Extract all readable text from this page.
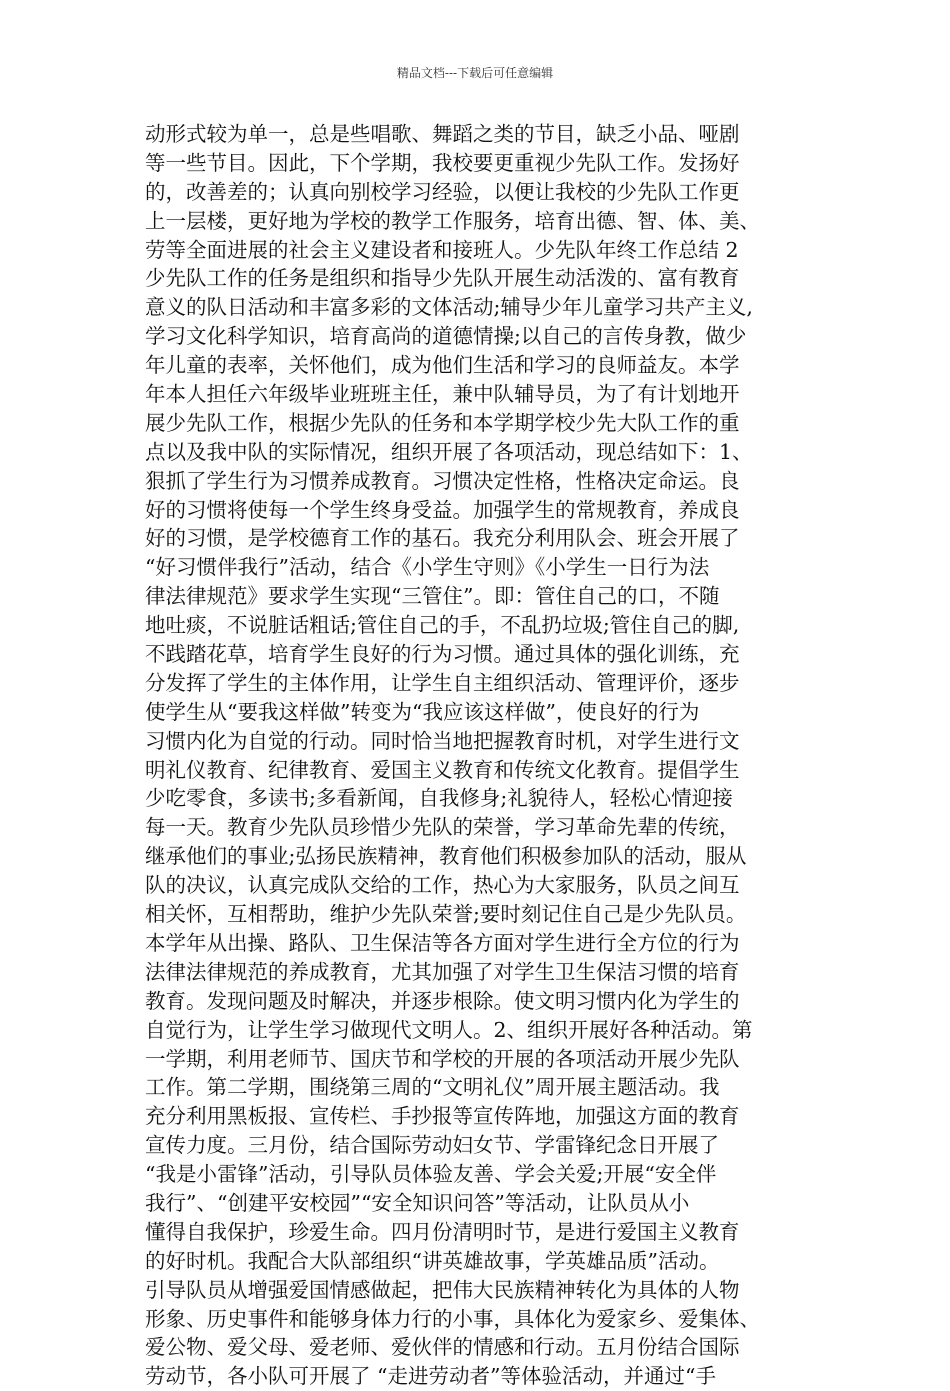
精品文档---下载后可任意编辑
动形式较为单一，总是些唱歌、舞蹈之类的节目，缺乏小品、哑剧
等一些节目。因此，下个学期，我校要更重视少先队工作。发扬好
的，改善差的；认真向别校学习经验，以便让我校的少先队工作更
上一层楼，更好地为学校的教学工作服务，培育出德、智、体、美、
劳等全面进展的社会主义建设者和接班人。少先队年终工作总结 2
少先队工作的任务是组织和指导少先队开展生动活泼的、富有教育
意义的队日活动和丰富多彩的文体活动;辅导少年儿童学习共产主义,
学习文化科学知识，培育高尚的道德情操;以自己的言传身教，做少
年儿童的表率，关怀他们，成为他们生活和学习的良师益友。本学
年本人担任六年级毕业班班主任，兼中队辅导员，为了有计划地开
展少先队工作，根据少先队的任务和本学期学校少先大队工作的重
点以及我中队的实际情况，组织开展了各项活动，现总结如下：1、
狠抓了学生行为习惯养成教育。习惯决定性格，性格决定命运。良
好的习惯将使每一个学生终身受益。加强学生的常规教育，养成良
好的习惯，是学校德育工作的基石。我充分利用队会、班会开展了
“好习惯伴我行”活动，结合《小学生守则》《小学生一日行为法
律法律规范》要求学生实现“三管住”。即：管住自己的口，不随
地吐痰，不说脏话粗话;管住自己的手，不乱扔垃圾;管住自己的脚,
不践踏花草，培育学生良好的行为习惯。通过具体的强化训练，充
分发挥了学生的主体作用，让学生自主组织活动、管理评价，逐步
使学生从“要我这样做”转变为“我应该这样做”，使良好的行为
习惯内化为自觉的行动。同时恰当地把握教育时机，对学生进行文
明礼仪教育、纪律教育、爱国主义教育和传统文化教育。提倡学生
少吃零食，多读书;多看新闻，自我修身;礼貌待人，轻松心情迎接
每一天。教育少先队员珍惜少先队的荣誉，学习革命先辈的传统，
继承他们的事业;弘扬民族精神，教育他们积极参加队的活动，服从
队的决议，认真完成队交给的工作，热心为大家服务，队员之间互
相关怀，互相帮助，维护少先队荣誉;要时刻记住自己是少先队员。
本学年从出操、路队、卫生保洁等各方面对学生进行全方位的行为
法律法律规范的养成教育，尤其加强了对学生卫生保洁习惯的培育
教育。发现问题及时解决，并逐步根除。使文明习惯内化为学生的
自觉行为，让学生学习做现代文明人。2、组织开展好各种活动。第
一学期，利用老师节、国庆节和学校的开展的各项活动开展少先队
工作。第二学期，围绕第三周的“文明礼仪”周开展主题活动。我
充分利用黑板报、宣传栏、手抄报等宣传阵地，加强这方面的教育
宣传力度。三月份，结合国际劳动妇女节、学雷锋纪念日开展了
“我是小雷锋”活动，引导队员体验友善、学会关爱;开展“安全伴
我行”、“创建平安校园”“安全知识问答”等活动，让队员从小
懂得自我保护，珍爱生命。四月份清明时节，是进行爱国主义教育
的好时机。我配合大队部组织“讲英雄故事，学英雄品质”活动。
引导队员从增强爱国情感做起，把伟大民族精神转化为具体的人物
形象、历史事件和能够身体力行的小事，具体化为爱家乡、爱集体、
爱公物、爱父母、爱老师、爱伙伴的情感和行动。五月份结合国际
劳动节，各小队可开展了 “走进劳动者”等体验活动，并通过“手
